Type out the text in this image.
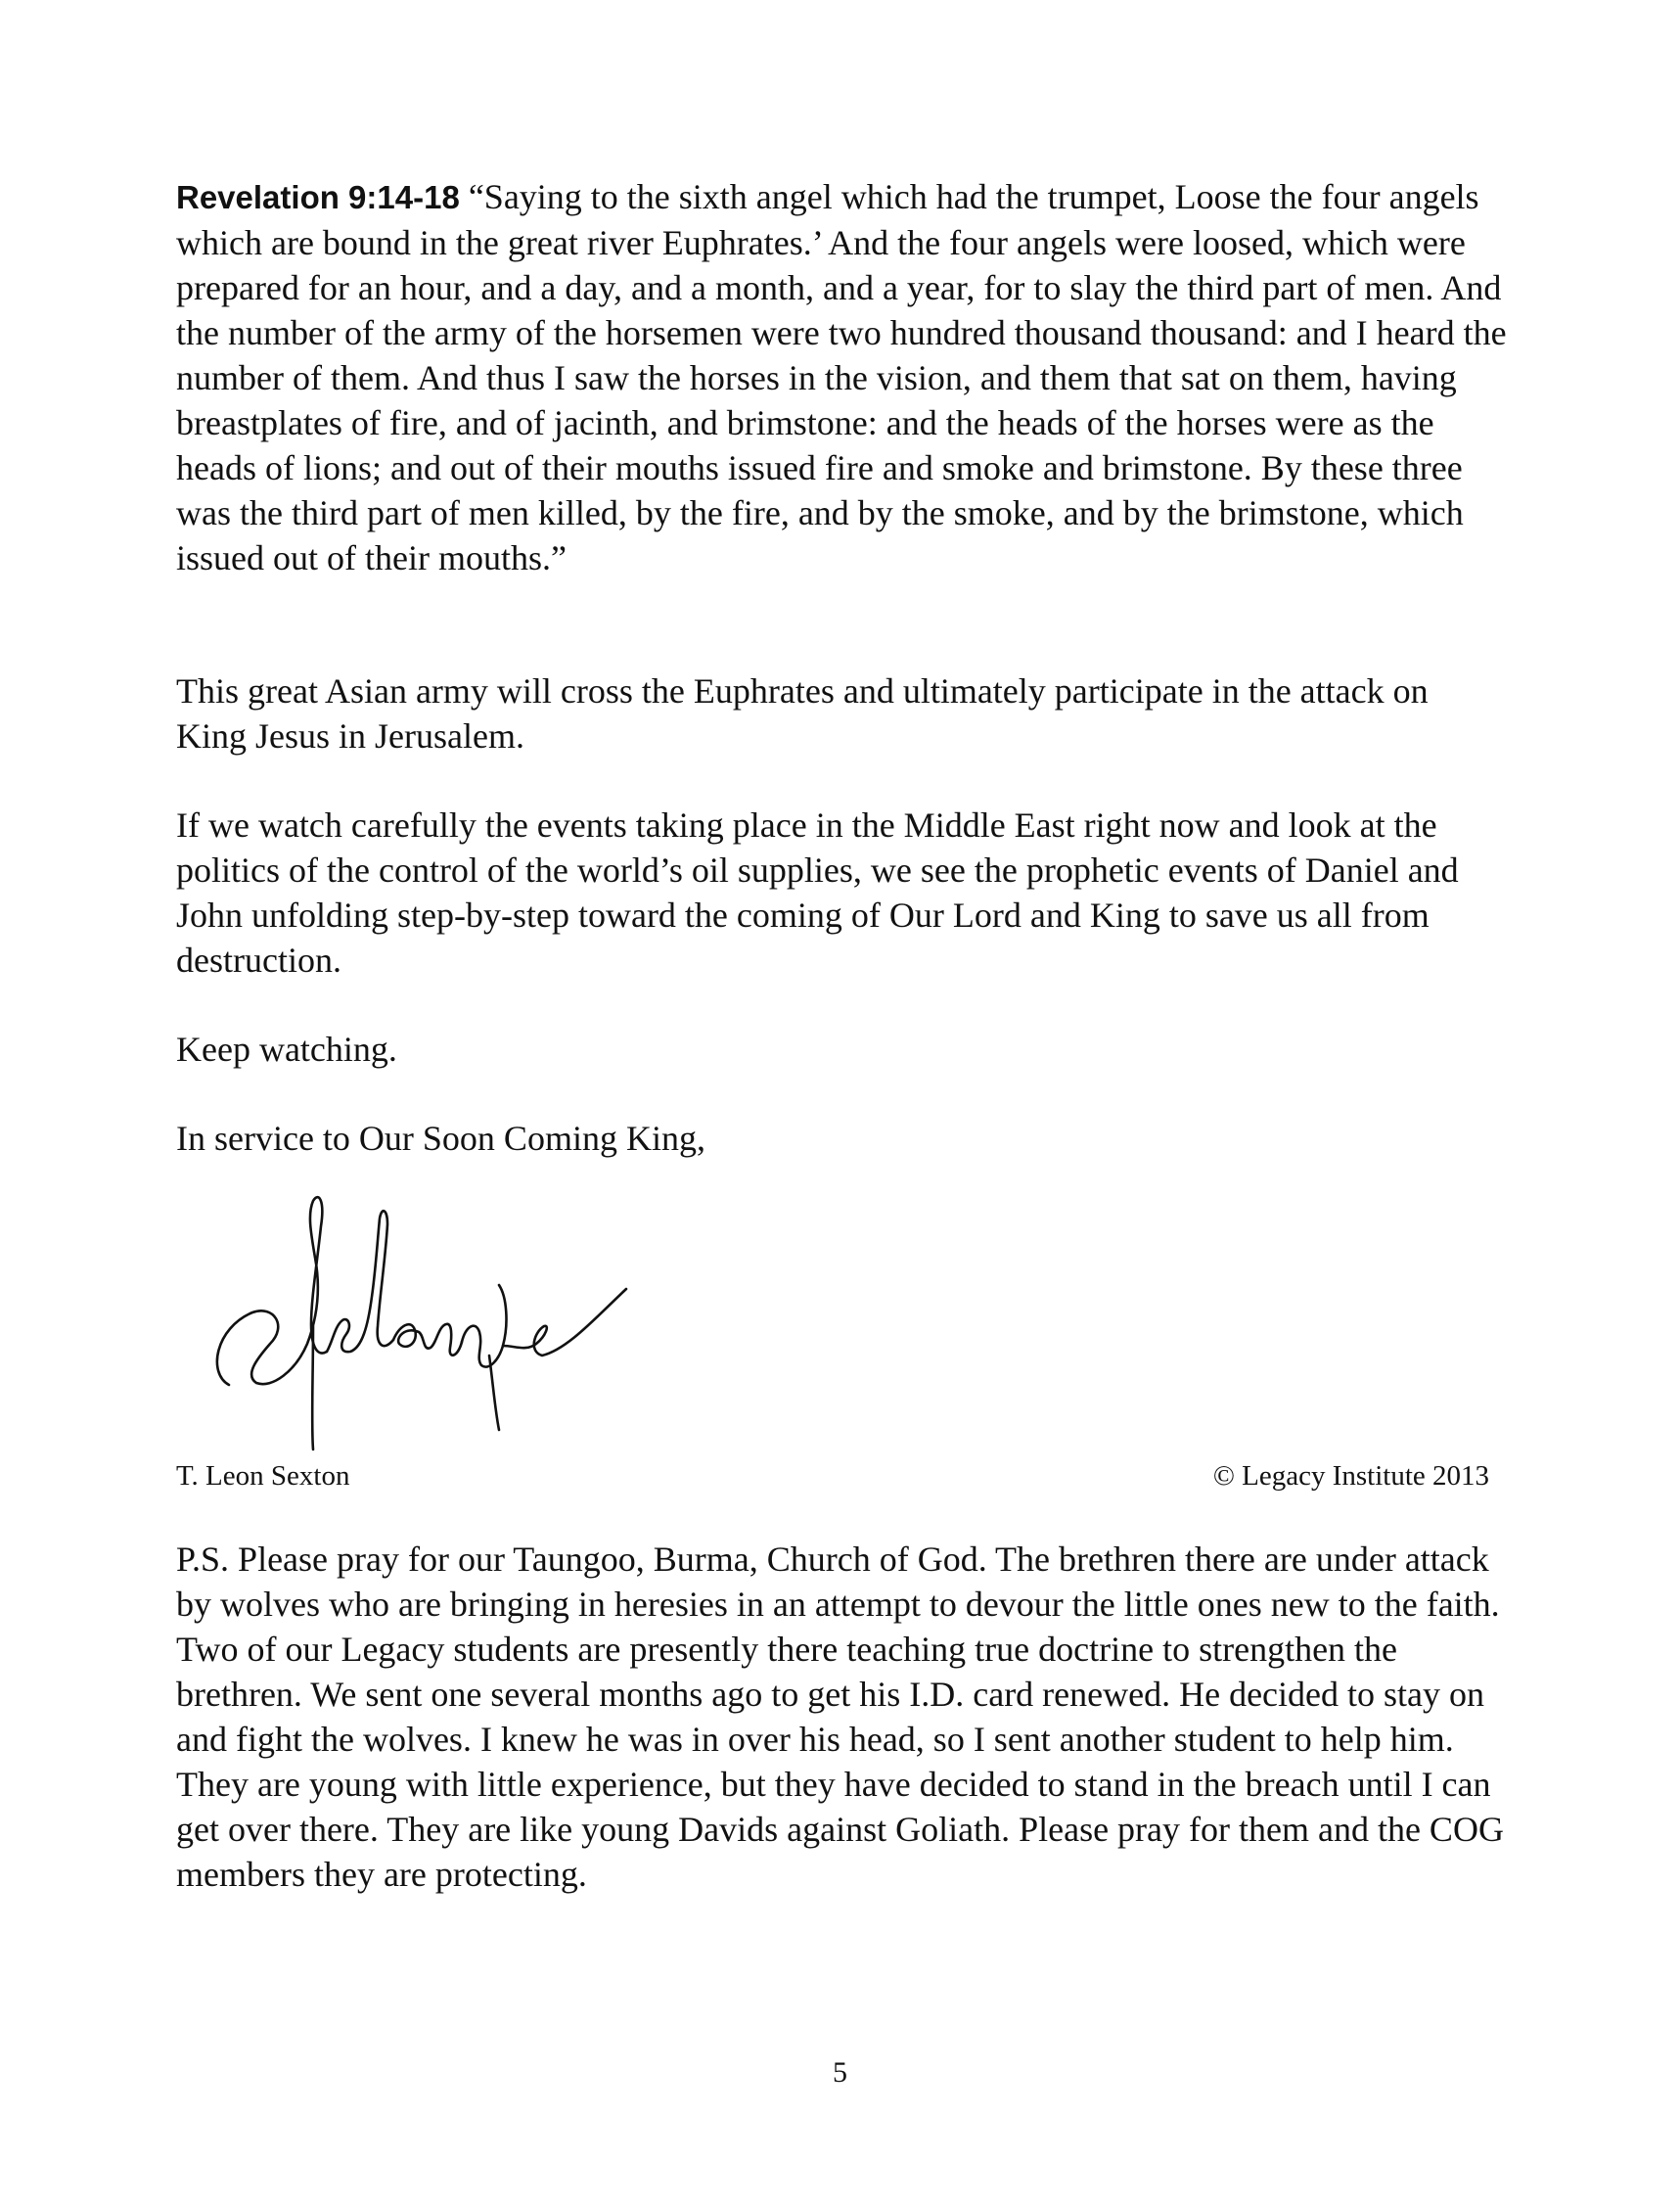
Revelation 9:14-18 “Saying to the sixth angel which had the trumpet, Loose the four angels which are bound in the great river Euphrates.’ And the four angels were loosed, which were prepared for an hour, and a day, and a month, and a year, for to slay the third part of men. And the number of the army of the horsemen were two hundred thousand thousand: and I heard the number of them. And thus I saw the horses in the vision, and them that sat on them, having breastplates of fire, and of jacinth, and brimstone: and the heads of the horses were as the heads of lions; and out of their mouths issued fire and smoke and brimstone. By these three was the third part of men killed, by the fire, and by the smoke, and by the brimstone, which issued out of their mouths.”

This great Asian army will cross the Euphrates and ultimately participate in the attack on King Jesus in Jerusalem.

If we watch carefully the events taking place in the Middle East right now and look at the politics of the control of the world’s oil supplies, we see the prophetic events of Daniel and John unfolding step-by-step toward the coming of Our Lord and King to save us all from destruction.

Keep watching.

In service to Our Soon Coming King,

T. Leon Sexton	© Legacy Institute 2013

P.S. Please pray for our Taungoo, Burma, Church of God. The brethren there are under attack by wolves who are bringing in heresies in an attempt to devour the little ones new to the faith. Two of our Legacy students are presently there teaching true doctrine to strengthen the brethren. We sent one several months ago to get his I.D. card renewed. He decided to stay on and fight the wolves. I knew he was in over his head, so I sent another student to help him. They are young with little experience, but they have decided to stand in the breach until I can get over there. They are like young Davids against Goliath. Please pray for them and the COG members they are protecting.

5
